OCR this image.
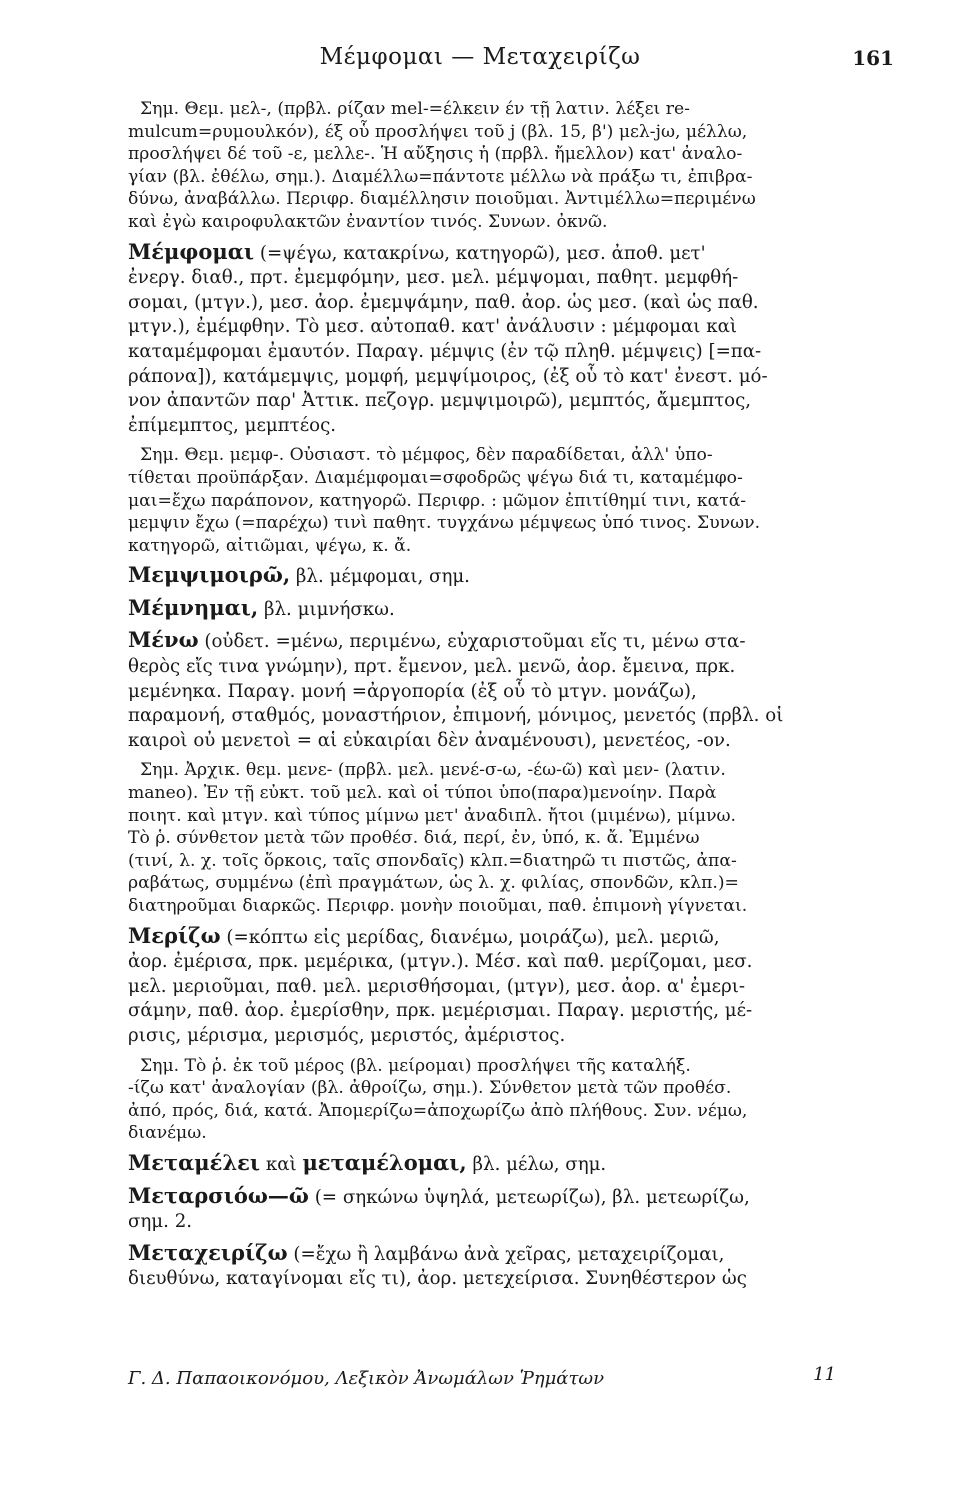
Μέμφομαι — Μεταχειρίζω	161
Σημ. Θεμ. μελ-, (πρβλ. ρίζαν mel-=έλκειν έν τῇ λατιν. λέξει re-
mulcum=ρυμουλκόν), έξ οὗ προσλήψει τοῦ j (βλ. 15, β') μελ-jω, μέλλω,
προσλήψει δέ τοῦ -ε, μελλε-. Ἡ αὔξησις ἡ (πρβλ. ἤμελλον) κατ' ἀναλο-
γίαν (βλ. ἐθέλω, σημ.). Διαμέλλω=πάντοτε μέλλω νὰ πράξω τι, ἐπιβρα-
δύνω, ἀναβάλλω. Περιφρ. διαμέλλησιν ποιοῦμαι. Ἀντιμέλλω=περιμένω
καὶ ἐγὼ καιροφυλακτῶν ἐναντίον τινός. Συνων. ὀκνῶ.
Μέμφομαι (=ψέγω, κατακρίνω, κατηγορῶ), μεσ. ἀποθ. μετ'
ἐνεργ. διαθ., πρτ. ἐμεμφόμην, μεσ. μελ. μέμψομαι, παθητ. μεμφθή-
σομαι, (μτγν.), μεσ. ἀορ. ἐμεμψάμην, παθ. ἀορ. ὡς μεσ. (καὶ ὡς παθ.
μτγν.), ἐμέμφθην. Τὸ μεσ. αὐτοπαθ. κατ' ἀνάλυσιν : μέμφομαι καὶ
καταμέμφομαι ἐμαυτόν. Παραγ. μέμψις (ἐν τῷ πληθ. μέμψεις) [=πα-
ράπονα]), κατάμεμψις, μομφή, μεμψίμοιρος, (ἐξ οὗ τὸ κατ' ἐνεστ. μό-
νον ἀπαντῶν παρ' Ἀττικ. πεζογρ. μεμψιμοιρῶ), μεμπτός, ἄμεμπτος,
ἐπίμεμπτος, μεμπτέος.
Σημ. Θεμ. μεμφ-. Οὐσιαστ. τὸ μέμφος, δὲν παραδίδεται, ἀλλ' ὑπο-
τίθεται προϋπάρξαν. Διαμέμφομαι=σφοδρῶς ψέγω διά τι, καταμέμφο-
μαι=ἔχω παράπονον, κατηγορῶ. Περιφρ. : μῶμον ἐπιτίθημί τινι, κατά-
μεμψιν ἔχω (=παρέχω) τινὶ παθητ. τυγχάνω μέμψεως ὑπό τινος. Συνων.
κατηγορῶ, αἰτιῶμαι, ψέγω, κ. ἄ.
Μεμψιμοιρῶ, βλ. μέμφομαι, σημ.
Μέμνημαι, βλ. μιμνήσκω.
Μένω (οὐδετ. =μένω, περιμένω, εὐχαριστοῦμαι εἴς τι, μένω στα-
θερὸς εἴς τινα γνώμην), πρτ. ἔμενον, μελ. μενῶ, ἀορ. ἔμεινα, πρκ.
μεμένηκα. Παραγ. μονή =ἀργοπορία (ἐξ οὗ τὸ μτγν. μονάζω),
παραμονή, σταθμός, μοναστήριον, ἐπιμονή, μόνιμος, μενετός (πρβλ. οἱ
καιροὶ οὐ μενετοὶ = αἱ εὐκαιρίαι δὲν ἀναμένουσι), μενετέος, -ον.
Σημ. Ἀρχικ. θεμ. μενε- (πρβλ. μελ. μενέ-σ-ω, -έω-ῶ) καὶ μεν- (λατιν.
maneo). Ἐν τῇ εὐκτ. τοῦ μελ. καὶ οἱ τύποι ὑπο(παρα)μενοίην. Παρὰ
ποιητ. καὶ μτγν. καὶ τύπος μίμνω μετ' ἀναδιπλ. ἤτοι (μιμένω), μίμνω.
Τὸ ῥ. σύνθετον μετὰ τῶν προθέσ. διά, περί, ἐν, ὑπό, κ. ἄ. Ἐμμένω
(τινί, λ. χ. τοῖς ὅρκοις, ταῖς σπονδαῖς) κλπ.=διατηρῶ τι πιστῶς, ἀπα-
ραβάτως, συμμένω (ἐπὶ πραγμάτων, ὡς λ. χ. φιλίας, σπονδῶν, κλπ.)=
διατηροῦμαι διαρκῶς. Περιφρ. μονὴν ποιοῦμαι, παθ. ἐπιμονὴ γίγνεται.
Μερίζω (=κόπτω εἰς μερίδας, διανέμω, μοιράζω), μελ. μεριῶ,
ἀορ. ἐμέρισα, πρκ. μεμέρικα, (μτγν.). Μέσ. καὶ παθ. μερίζομαι, μεσ.
μελ. μεριοῦμαι, παθ. μελ. μερισθήσομαι, (μτγν), μεσ. ἀορ. α' ἐμερι-
σάμην, παθ. ἀορ. ἐμερίσθην, πρκ. μεμέρισμαι. Παραγ. μεριστής, μέ-
ρισις, μέρισμα, μερισμός, μεριστός, ἀμέριστος.
Σημ. Τὸ ῥ. ἐκ τοῦ μέρος (βλ. μείρομαι) προσλήψει τῆς καταλήξ.
-ίζω κατ' ἀναλογίαν (βλ. ἀθροίζω, σημ.). Σύνθετον μετὰ τῶν προθέσ.
ἀπό, πρός, διά, κατά. Ἀπομερίζω=ἀποχωρίζω ἀπὸ πλήθους. Συν. νέμω,
διανέμω.
Μεταμέλει καὶ μεταμέλομαι, βλ. μέλω, σημ.
Μεταρσιόω—ῶ (= σηκώνω ὑψηλά, μετεωρίζω), βλ. μετεωρίζω,
σημ. 2.
Μεταχειρίζω (=ἔχω ἢ λαμβάνω ἀνὰ χεῖρας, μεταχειρίζομαι,
διευθύνω, καταγίνομαι εἴς τι), ἀορ. μετεχείρισα. Συνηθέστερον ὡς
Γ. Δ. Παπαοικονόμου, Λεξικὸν Ἀνωμάλων Ῥημάτων	11
